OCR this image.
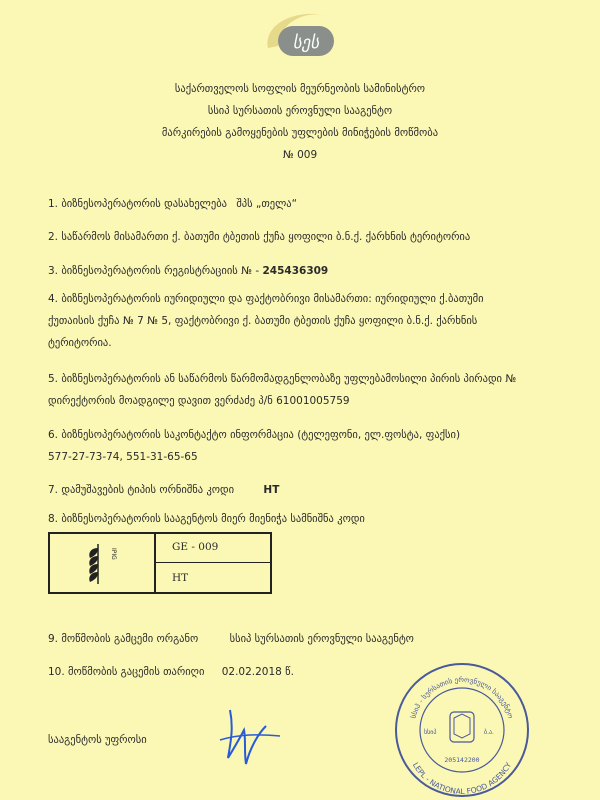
სეს
საქართველოს სოფლის მეურნეობის სამინისტრო
სსიპ სურსათის ეროვნული სააგენტო
მარკირების გამოყენების უფლების მინიჭების მოწმობა
№ 009
1. ბიზნესოპერატორის დასახელება შპს „თელა“
2. საწარმოს მისამართი ქ. ბათუმი ტბეთის ქუჩა ყოფილი ბ.ნ.ქ. ქარხნის ტერიტორია
3. ბიზნესოპერატორის რეგისტრაციის № - 245436309
4. ბიზნესოპერატორის იურიდიული და ფაქტობრივი მისამართი: იურიდიული ქ.ბათუმი
ქუთაისის ქუჩა № 7 № 5, ფაქტობრივი ქ. ბათუმი ტბეთის ქუჩა ყოფილი ბ.ნ.ქ. ქარხნის
ტერიტორია.
5. ბიზნესოპერატორის ან საწარმოს წარმომადგენლობაზე უფლებამოსილი პირის პირადი №
დირექტორის მოადგილე დავით ვერძაძე პ/ნ 61001005759
6. ბიზნესოპერატორის საკონტაქტო ინფორმაცია (ტელეფონი, ელ.ფოსტა, ფაქსი)
577-27-73-74, 551-31-65-65
7. დამუშავების ტიპის ორნიშნა კოდი	HT
8. ბიზნესოპერატორის სააგენტოს მიერ მიენიჭა სამნიშნა კოდი
IPIG
GE - 009
HT
9. მოწმობის გამცემი ორგანო	სსიპ სურსათის ეროვნული სააგენტო
10. მოწმობის გაცემის თარიღი 02.02.2018 წ.
სააგენტოს უფროსი
სსიპ - სურსათის ეროვნული სააგენტო
LEPL - NATIONAL FOOD AGENCY
სსიპ	ბ.ა.
205142200
